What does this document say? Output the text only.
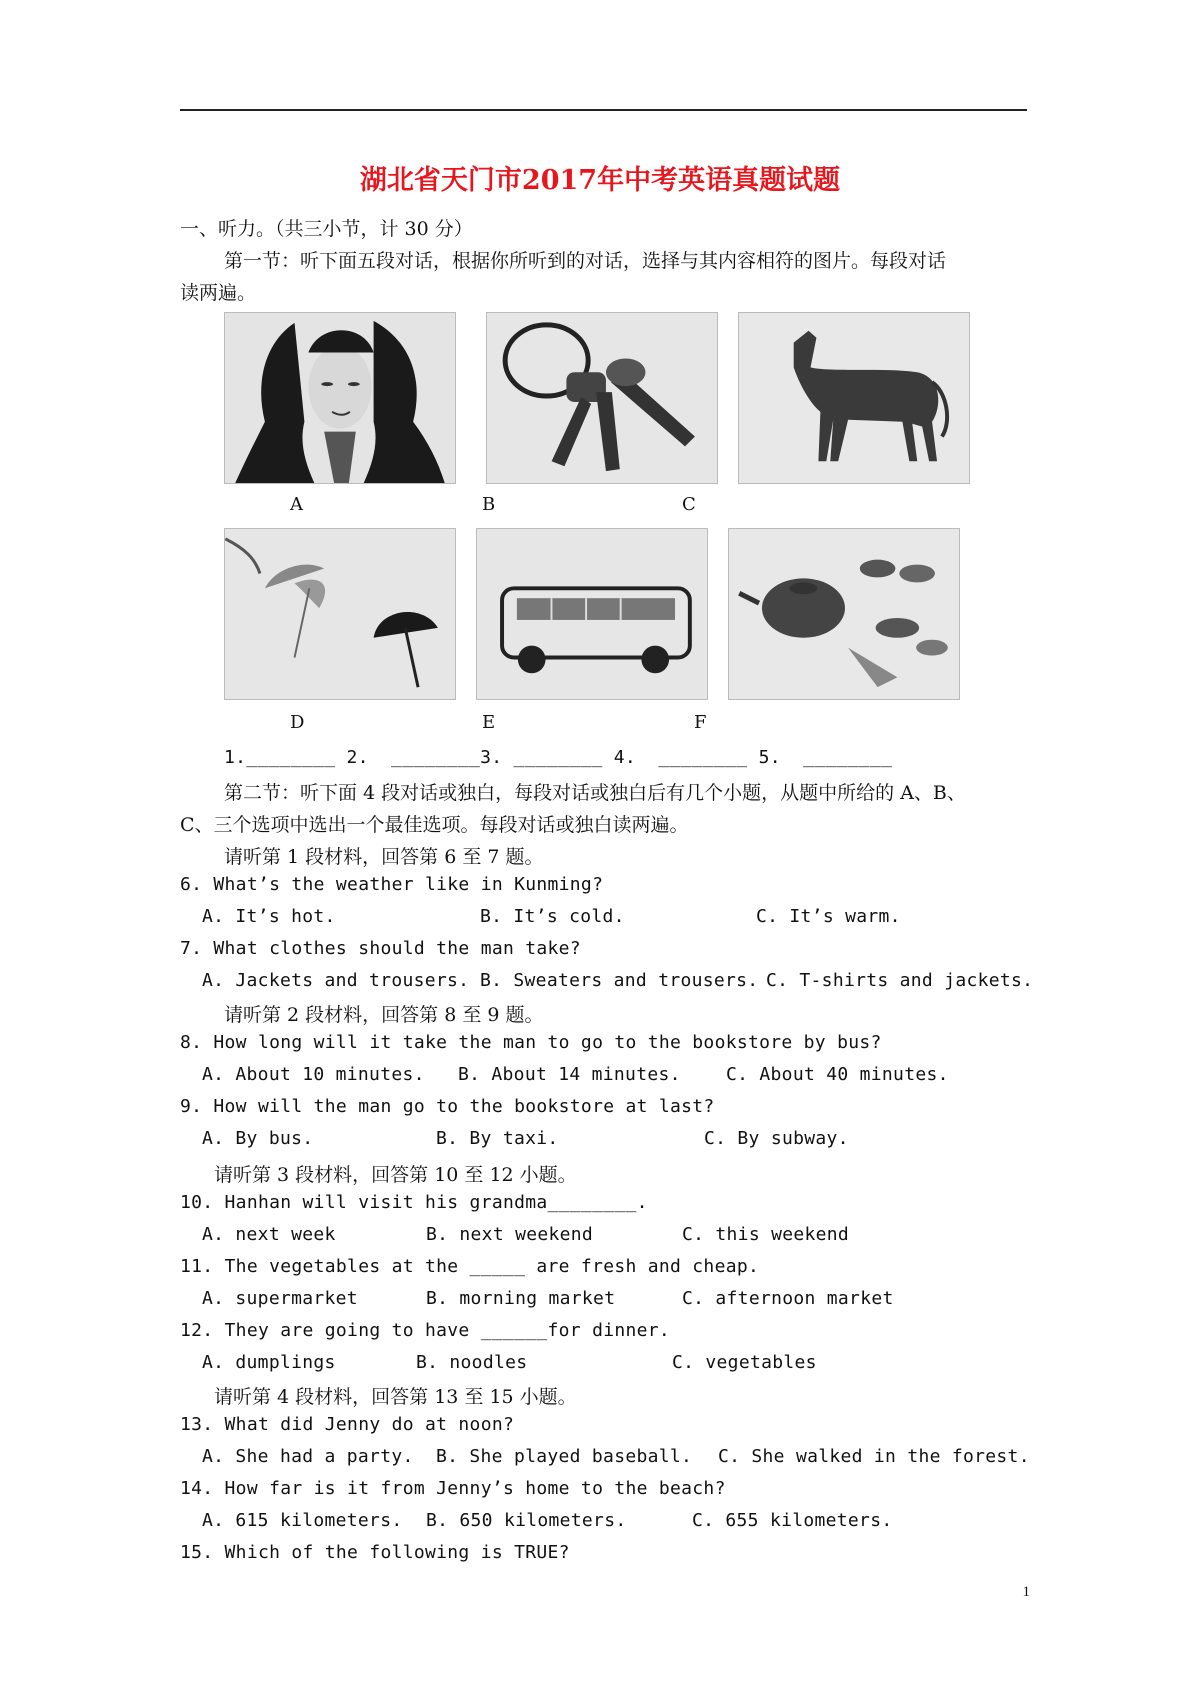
湖北省天门市2017年中考英语真题试题
一、听力。（共三小节，计 30 分）
第一节：听下面五段对话，根据你所听到的对话，选择与其内容相符的图片。每段对话
读两遍。
A	B	C
D	E	F
1.________ 2.  ________3. ________ 4.  ________ 5.  ________
第二节：听下面 4 段对话或独白，每段对话或独白后有几个小题，从题中所给的 A、B、
C、三个选项中选出一个最佳选项。每段对话或独白读两遍。
请听第 1 段材料，回答第 6 至 7 题。
6. What’s the weather like in Kunming?
A. It’s hot.	B. It’s cold.	C. It’s warm.
7. What clothes should the man take?
A. Jackets and trousers. B. Sweaters and trousers. C. T-shirts and jackets.
请听第 2 段材料，回答第 8 至 9 题。
8. How long will it take the man to go to the bookstore by bus?
A. About 10 minutes. B. About 14 minutes.	C. About 40 minutes.
9. How will the man go to the bookstore at last?
A. By bus.	B. By taxi.	C. By subway.
请听第 3 段材料，回答第 10 至 12 小题。
10. Hanhan will visit his grandma________.
A. next week	B. next weekend	C. this weekend
11. The vegetables at the _____ are fresh and cheap.
A. supermarket	B. morning market	C. afternoon market
12. They are going to have ______for dinner.
A. dumplings	B. noodles	C. vegetables
请听第 4 段材料，回答第 13 至 15 小题。
13. What did Jenny do at noon?
A. She had a party. B. She played baseball. C. She walked in the forest.
14. How far is it from Jenny’s home to the beach?
A. 615 kilometers. B. 650 kilometers.	C. 655 kilometers.
15. Which of the following is TRUE?
1
